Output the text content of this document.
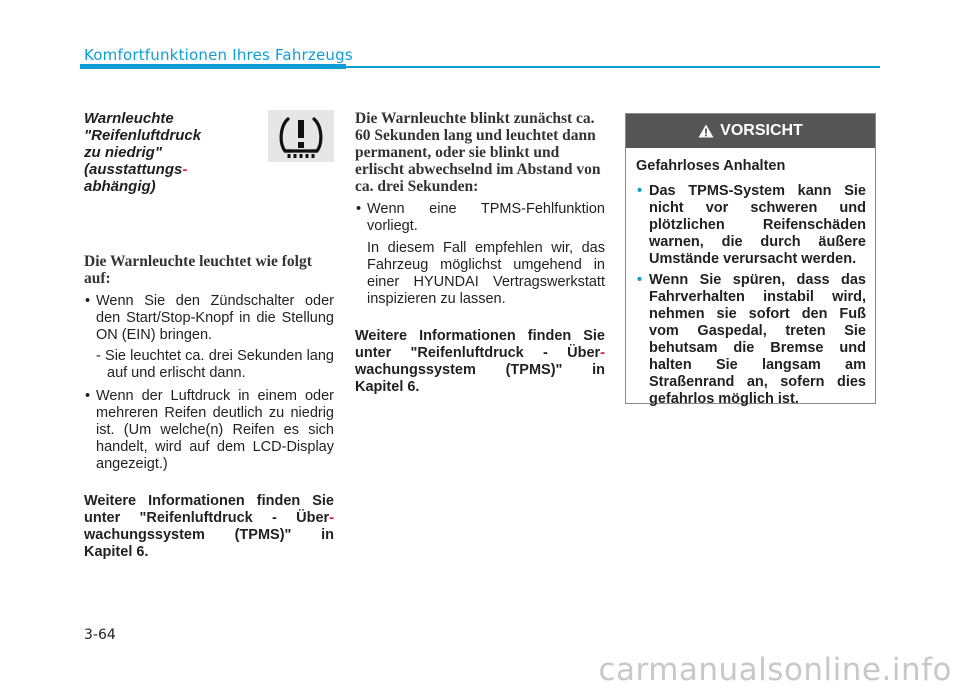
Komfortfunktionen Ihres Fahrzeugs
Warnleuchte
"Reifenluftdruck
zu niedrig"
(ausstattungs-
abhängig)
Die Warnleuchte leuchtet wie folgt auf:
• Wenn Sie den Zündschalter oder den Start/Stop-Knopf in die Stellung ON (EIN) bringen.
- Sie leuchtet ca. drei Sekunden lang auf und erlischt dann.
• Wenn der Luftdruck in einem oder mehreren Reifen deutlich zu niedrig ist. (Um welche(n) Reifen es sich handelt, wird auf dem LCD-Display angezeigt.)
Weitere Informationen finden Sie unter "Reifenluftdruck - Über- wachungssystem (TPMS)" in Kapitel 6.
Die Warnleuchte blinkt zunächst ca. 60 Sekunden lang und leuchtet dann permanent, oder sie blinkt und erlischt abwechselnd im Abstand von ca. drei Sekunden:
• Wenn eine TPMS-Fehlfunktion vorliegt.
In diesem Fall empfehlen wir, das Fahrzeug möglichst umgehend in einer HYUNDAI Vertragswerkstatt inspizieren zu lassen.
Weitere Informationen finden Sie unter "Reifenluftdruck - Über- wachungssystem (TPMS)" in Kapitel 6.
VORSICHT
Gefahrloses Anhalten
• Das TPMS-System kann Sie nicht vor schweren und plötzlichen Reifenschäden warnen, die durch äußere Umstände verursacht werden.
• Wenn Sie spüren, dass das Fahrverhalten instabil wird, nehmen sie sofort den Fuß vom Gaspedal, treten Sie behutsam die Bremse und halten Sie langsam am Straßenrand an, sofern dies gefahrlos möglich ist.
3-64
carmanualsonline.info
